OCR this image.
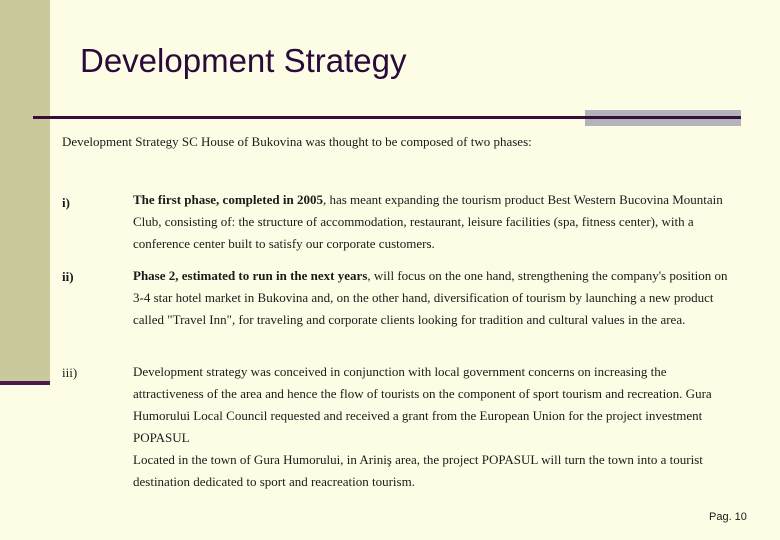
Development Strategy
Development Strategy SC House of Bukovina was thought to be composed of two phases:
i)	The first phase, completed in 2005, has meant expanding the tourism product Best Western Bucovina Mountain Club, consisting of: the structure of accommodation, restaurant, leisure facilities (spa, fitness center), with a conference center built to satisfy our corporate customers.
ii)	Phase 2, estimated to run in the next years, will focus on the one hand, strengthening the company's position on 3-4 star hotel market in Bukovina and, on the other hand, diversification of tourism by launching a new product called "Travel Inn", for traveling and corporate clients looking for tradition and cultural values in the area.
iii)	Development strategy was conceived in conjunction with local government concerns on increasing the attractiveness of the area and hence the flow of tourists on the component of sport tourism and recreation. Gura Humorului Local Council requested and received a grant from the European Union for the project investment POPASUL
Located in the town of Gura Humorului, in Ariniş area, the project POPASUL will turn the town into a tourist destination dedicated to sport and reacreation tourism.
Pag. 10
